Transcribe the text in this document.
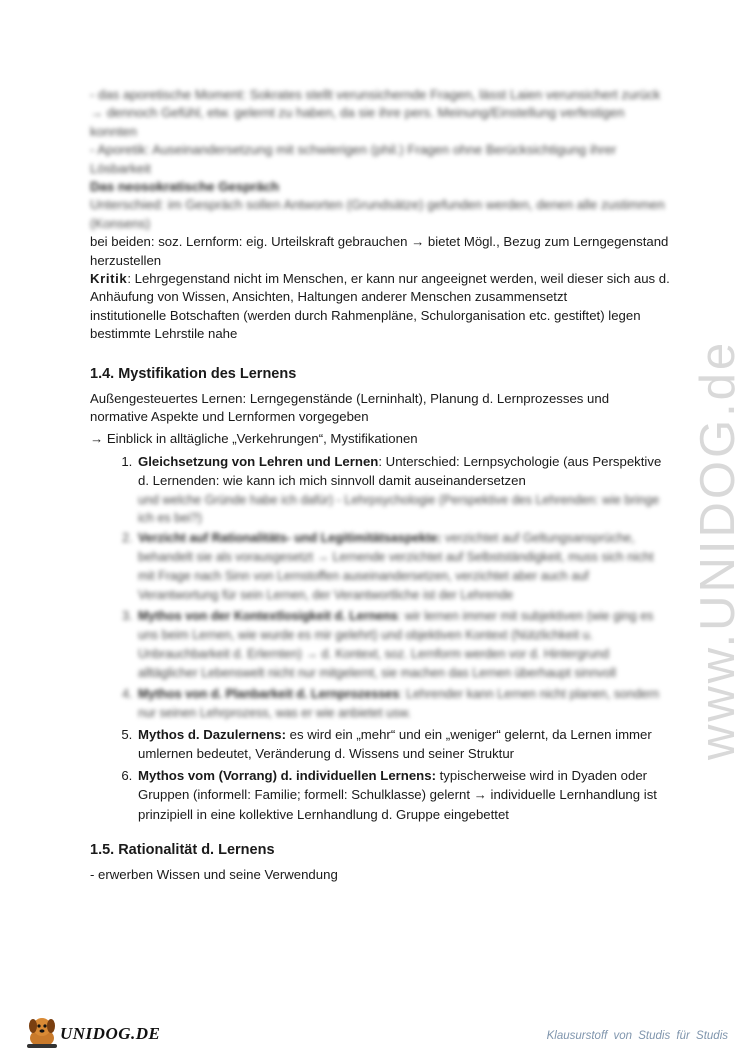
www.UNIDOG.de

- das aporetische Moment: Sokrates stellt verunsichernde Fragen, lässt Laien verunsichert zurück

→ dennoch Gefühl, etw. gelernt zu haben, da sie ihre pers. Meinung/Einstellung verfestigen konnten

- Aporetik: Auseinandersetzung mit schwierigen (phil.) Fragen ohne Berücksichtigung ihrer Lösbarkeit

Das neosokratische Gespräch

Unterschied: im Gespräch sollen Antworten (Grundsätze) gefunden werden, denen alle zustimmen (Konsens)

bei beiden: soz. Lernform: eig. Urteilskraft gebrauchen → bietet Mögl., Bezug zum Lerngegenstand herzustellen

Kritik: Lehrgegenstand nicht im Menschen, er kann nur angeeignet werden, weil dieser sich aus d. Anhäufung von Wissen, Ansichten, Haltungen anderer Menschen zusammensetzt

institutionelle Botschaften (werden durch Rahmenpläne, Schulorganisation etc. gestiftet) legen bestimmte Lehrstile nahe

1.4. Mystifikation des Lernens

Außengesteuertes Lernen: Lerngegenstände (Lerninhalt), Planung d. Lernprozesses und normative Aspekte und Lernformen vorgegeben

→ Einblick in alltägliche „Verkehrungen“, Mystifikationen

1. Gleichsetzung von Lehren und Lernen: Unterschied: Lernpsychologie (aus Perspektive d. Lernenden: wie kann ich mich sinnvoll damit auseinandersetzen
und welche Gründe habe ich dafür) - Lehrpsychologie (Perspektive des Lehrenden: wie bringe ich es bei?)
2. Verzicht auf Rationalitäts- und Legitimitätsaspekte: verzichtet auf Geltungsansprüche, behandelt sie als vorausgesetzt → Lernende verzichtet auf Selbstständigkeit, muss sich nicht mit Frage nach Sinn von Lernstoffen auseinandersetzen, verzichtet aber auch auf Verantwortung für sein Lernen, der Verantwortliche ist der Lehrende
3. Mythos von der Kontextlosigkeit d. Lernens: wir lernen immer mit subjektiven (wie ging es uns beim Lernen, wie wurde es mir gelehrt) und objektiven Kontext (Nützlichkeit u. Unbrauchbarkeit d. Erlernten) → d. Kontext, soz. Lernform werden vor d. Hintergrund alltäglicher Lebenswelt nicht nur mitgelernt, sie machen das Lernen überhaupt sinnvoll
4. Mythos von d. Planbarkeit d. Lernprozesses: Lehrender kann Lernen nicht planen, sondern nur seinen Lehrprozess, was er wie anbietet usw.
5. Mythos d. Dazulernens: es wird ein „mehr“ und ein „weniger“ gelernt, da Lernen immer umlernen bedeutet, Veränderung d. Wissens und seiner Struktur
6. Mythos vom (Vorrang) d. individuellen Lernens: typischerweise wird in Dyaden oder Gruppen (informell: Familie; formell: Schulklasse) gelernt → individuelle Lernhandlung ist prinzipiell in eine kollektive Lernhandlung d. Gruppe eingebettet
1.5. Rationalität d. Lernens

- erwerben Wissen und seine Verwendung

UNIDOG.DE	Klausurstoff von Studis für Studis
